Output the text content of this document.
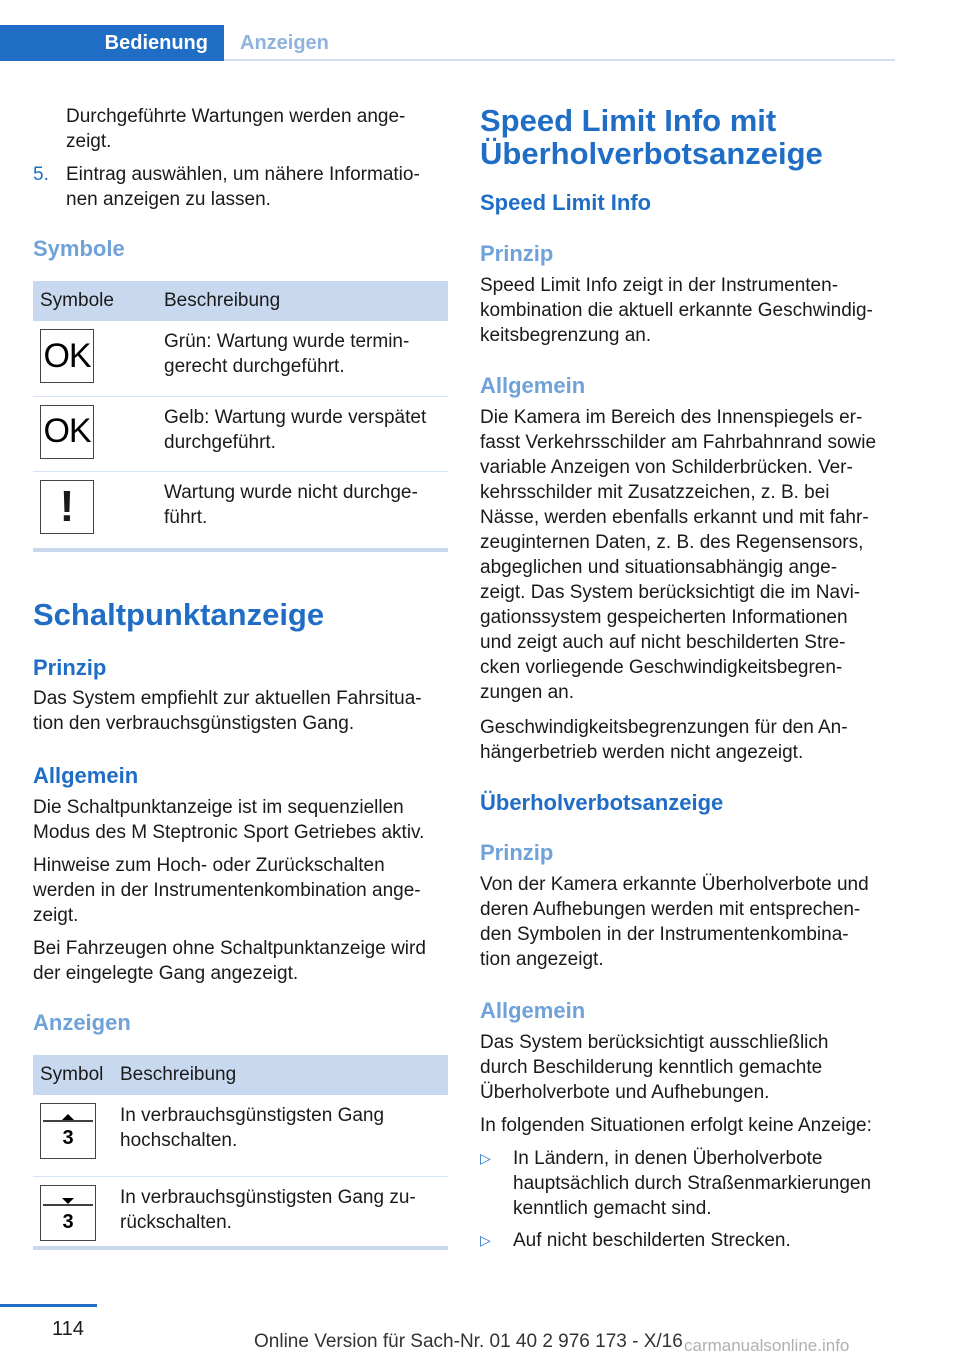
Bedienung	Anzeigen

Durchgeführte Wartungen werden ange-
zeigt.

5. Eintrag auswählen, um nähere Informatio-
nen anzeigen zu lassen.

Symbole
Symbole	Beschreibung

OK	Grün: Wartung wurde termin-
gerecht durchgeführt.

OK	Gelb: Wartung wurde verspätet
durchgeführt.

!	Wartung wurde nicht durchge-
führt.
Schaltpunktanzeige
Prinzip

Das System empfiehlt zur aktuellen Fahrsitua-
tion den verbrauchsgünstigsten Gang.

Allgemein

Die Schaltpunktanzeige ist im sequenziellen
Modus des M Steptronic Sport Getriebes aktiv.

Hinweise zum Hoch- oder Zurückschalten
werden in der Instrumentenkombination ange-
zeigt.

Bei Fahrzeugen ohne Schaltpunktanzeige wird
der eingelegte Gang angezeigt.

Anzeigen
Symbol	Beschreibung

3	In verbrauchsgünstigsten Gang
hochschalten.

3	In verbrauchsgünstigsten Gang zu-
rückschalten.
Speed Limit Info mit
Überholverbotsanzeige
Speed Limit Info
Prinzip

Speed Limit Info zeigt in der Instrumenten-
kombination die aktuell erkannte Geschwindig-
keitsbegrenzung an.

Allgemein

Die Kamera im Bereich des Innenspiegels er-
fasst Verkehrsschilder am Fahrbahnrand sowie
variable Anzeigen von Schilderbrücken. Ver-
kehrsschilder mit Zusatzzeichen, z. B. bei
Nässe, werden ebenfalls erkannt und mit fahr-
zeuginternen Daten, z. B. des Regensensors,
abgeglichen und situationsabhängig ange-
zeigt. Das System berücksichtigt die im Navi-
gationssystem gespeicherten Informationen
und zeigt auch auf nicht beschilderten Stre-
cken vorliegende Geschwindigkeitsbegren-
zungen an.

Geschwindigkeitsbegrenzungen für den An-
hängerbetrieb werden nicht angezeigt.

Überholverbotsanzeige
Prinzip

Von der Kamera erkannte Überholverbote und
deren Aufhebungen werden mit entsprechen-
den Symbolen in der Instrumentenkombina-
tion angezeigt.

Allgemein

Das System berücksichtigt ausschließlich
durch Beschilderung kenntlich gemachte
Überholverbote und Aufhebungen.

In folgenden Situationen erfolgt keine Anzeige:

▷ In Ländern, in denen Überholverbote
hauptsächlich durch Straßenmarkierungen
kenntlich gemacht sind.

▷ Auf nicht beschilderten Strecken.

114
Online Version für Sach-Nr. 01 40 2 976 173 - X/16 carmanualsonline.info
